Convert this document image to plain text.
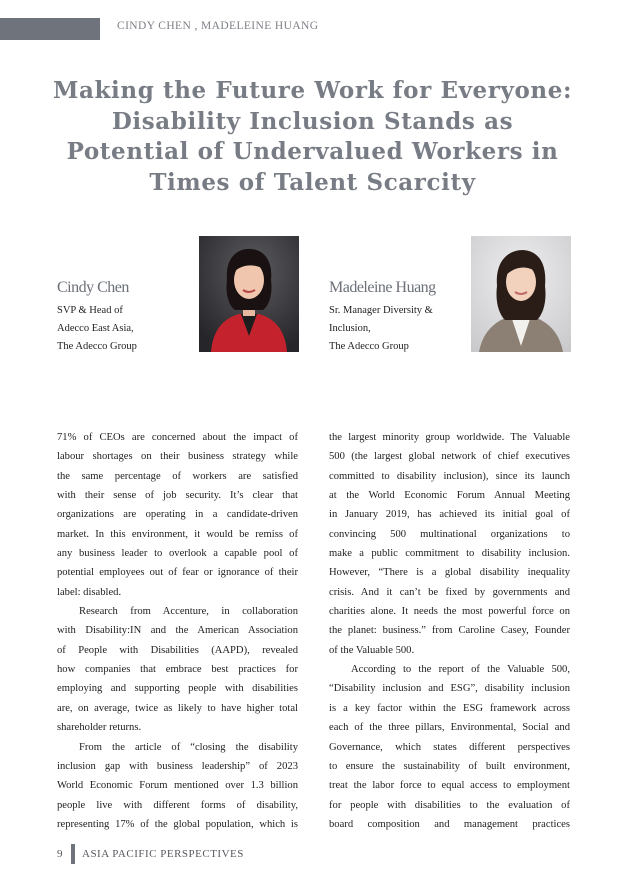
CINDY CHEN , MADELEINE HUANG
Making the Future Work for Everyone:
Disability Inclusion Stands as
Potential of Undervalued Workers in
Times of Talent Scarcity
Cindy Chen
SVP & Head of
Adecco East Asia,
The Adecco Group
Madeleine Huang
Sr. Manager Diversity &
Inclusion,
The Adecco Group
71% of CEOs are concerned about the impact of
labour shortages on their business strategy while
the same percentage of workers are satisfied
with their sense of job security. It’s clear that
organizations are operating in a candidate-driven
market. In this environment, it would be remiss of
any business leader to overlook a capable pool of
potential employees out of fear or ignorance of their
label: disabled.
Research from Accenture, in collaboration
with Disability:IN and the American Association
of People with Disabilities (AAPD), revealed
how companies that embrace best practices for
employing and supporting people with disabilities
are, on average, twice as likely to have higher total
shareholder returns.
From the article of “closing the disability
inclusion gap with business leadership” of 2023
World Economic Forum mentioned over 1.3 billion
people live with different forms of disability,
representing 17% of the global population, which is
the largest minority group worldwide. The Valuable
500 (the largest global network of chief executives
committed to disability inclusion), since its launch
at the World Economic Forum Annual Meeting
in January 2019, has achieved its initial goal of
convincing 500 multinational organizations to
make a public commitment to disability inclusion.
However, “There is a global disability inequality
crisis. And it can’t be fixed by governments and
charities alone. It needs the most powerful force on
the planet: business.” from Caroline Casey, Founder
of the Valuable 500.
According to the report of the Valuable 500,
“Disability inclusion and ESG”, disability inclusion
is a key factor within the ESG framework across
each of the three pillars, Environmental, Social and
Governance, which states different perspectives
to ensure the sustainability of built environment,
treat the labor force to equal access to employment
for people with disabilities to the evaluation of
board composition and management practices
9 ASIA PACIFIC PERSPECTIVES
